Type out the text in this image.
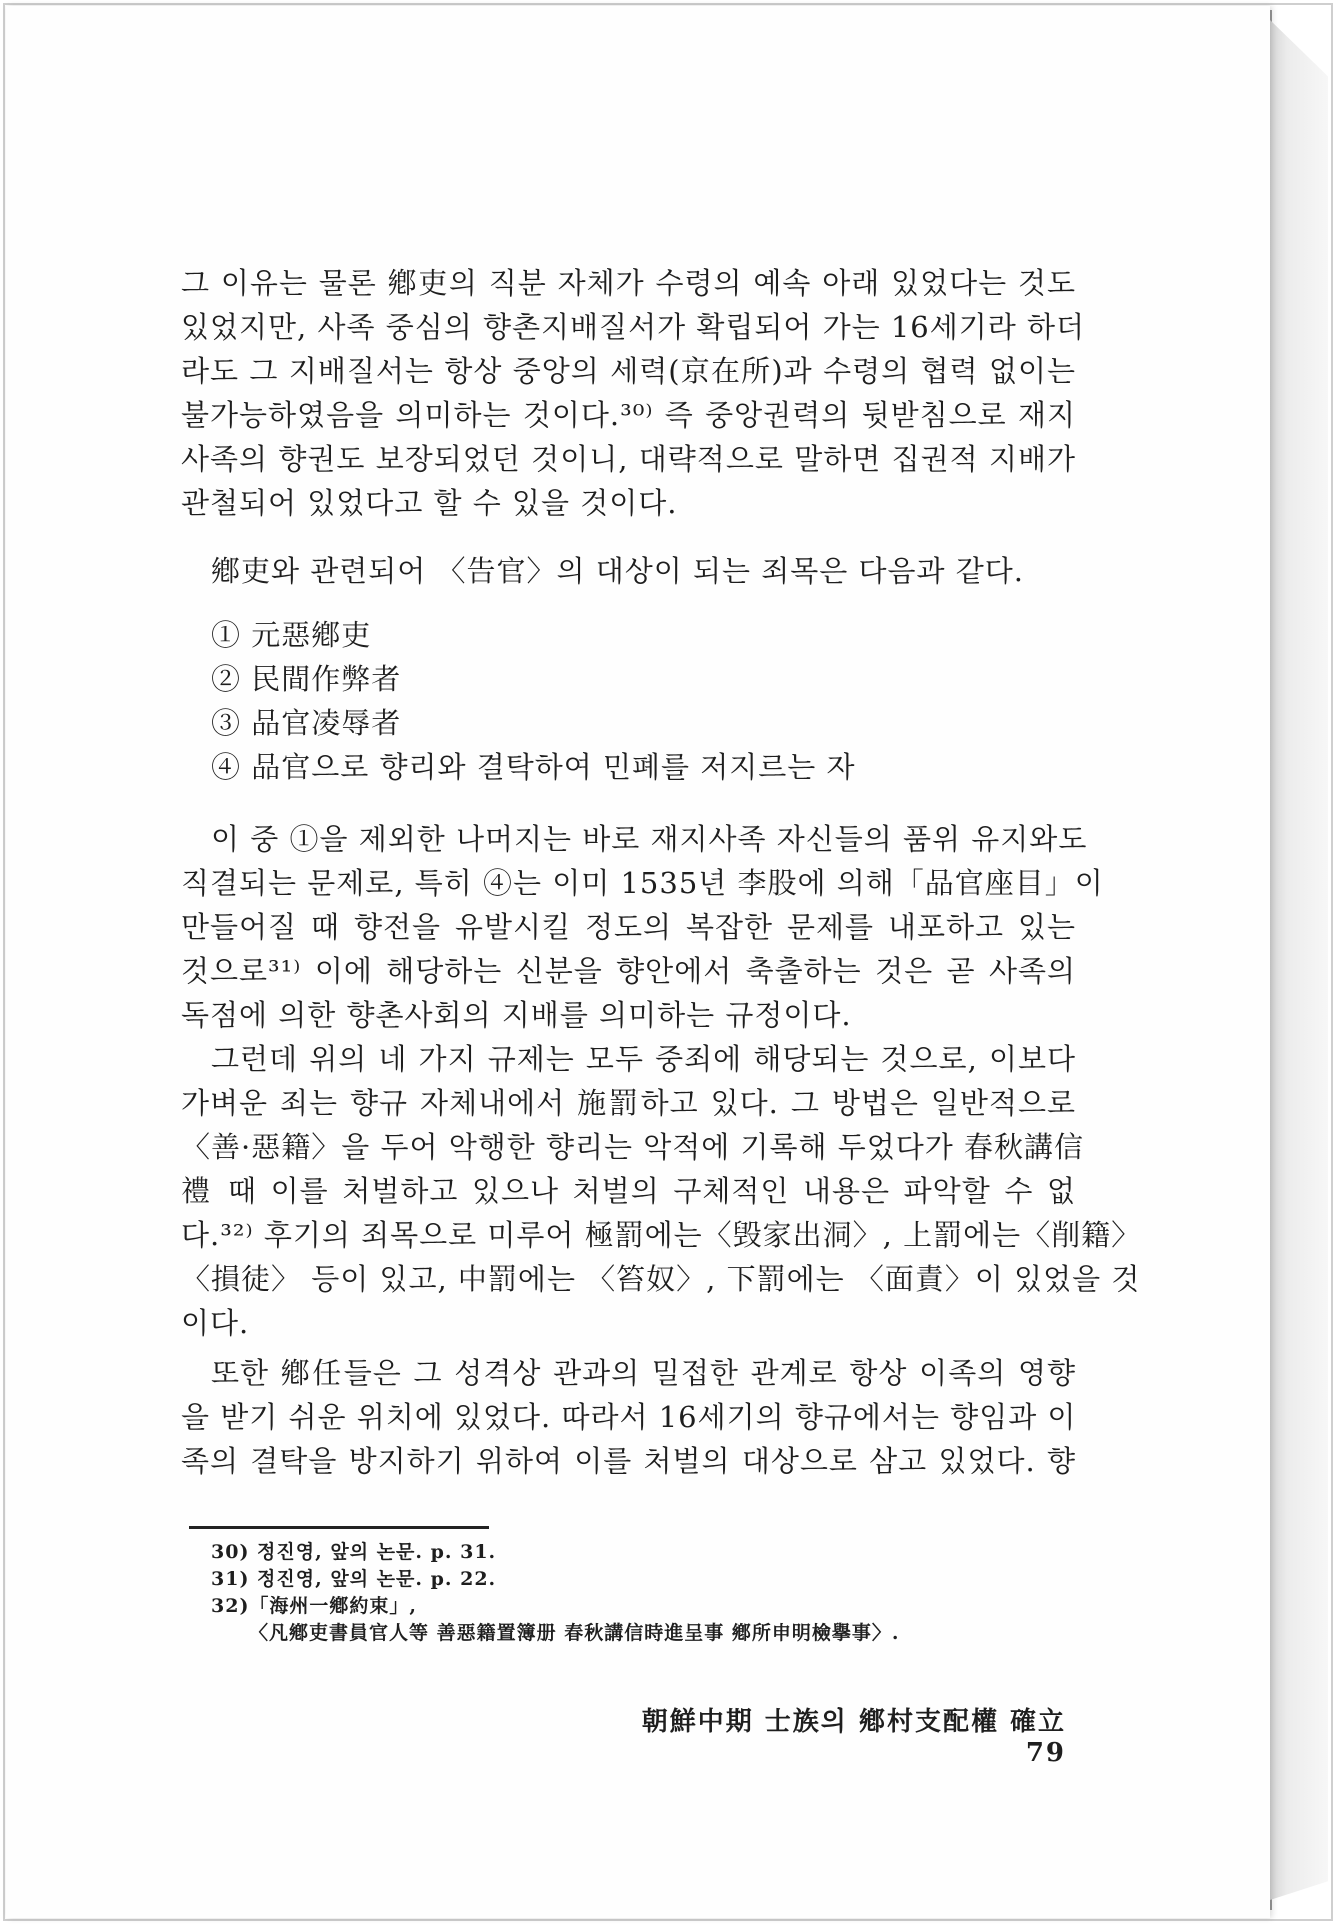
그 이유는 물론 鄕吏의 직분 자체가 수령의 예속 아래 있었다는 것도
있었지만, 사족 중심의 향촌지배질서가 확립되어 가는 16세기라 하더
라도 그 지배질서는 항상 중앙의 세력(京在所)과 수령의 협력 없이는
불가능하였음을 의미하는 것이다.³⁰⁾ 즉 중앙권력의 뒷받침으로 재지
사족의 향권도 보장되었던 것이니, 대략적으로 말하면 집권적 지배가
관철되어 있었다고 할 수 있을 것이다.

鄕吏와 관련되어 〈告官〉의 대상이 되는 죄목은 다음과 같다.
① 元惡鄕吏
② 民間作弊者
③ 品官凌辱者
④ 品官으로 향리와 결탁하여 민폐를 저지르는 자

이 중 ①을 제외한 나머지는 바로 재지사족 자신들의 품위 유지와도
직결되는 문제로, 특히 ④는 이미 1535년 李股에 의해「品官座目」이
만들어질 때 향전을 유발시킬 정도의 복잡한 문제를 내포하고 있는
것으로³¹⁾ 이에 해당하는 신분을 향안에서 축출하는 것은 곧 사족의
독점에 의한 향촌사회의 지배를 의미하는 규정이다.

그런데 위의 네 가지 규제는 모두 중죄에 해당되는 것으로, 이보다
가벼운 죄는 향규 자체내에서 施罰하고 있다. 그 방법은 일반적으로
〈善·惡籍〉을 두어 악행한 향리는 악적에 기록해 두었다가 春秋講信
禮 때 이를 처벌하고 있으나 처벌의 구체적인 내용은 파악할 수 없
다.³²⁾ 후기의 죄목으로 미루어 極罰에는〈毁家出洞〉, 上罰에는〈削籍〉
〈損徒〉 등이 있고, 中罰에는 〈笞奴〉, 下罰에는 〈面責〉이 있었을 것
이다.

또한 鄕任들은 그 성격상 관과의 밀접한 관계로 항상 이족의 영향
을 받기 쉬운 위치에 있었다. 따라서 16세기의 향규에서는 향임과 이
족의 결탁을 방지하기 위하여 이를 처벌의 대상으로 삼고 있었다. 향

30) 정진영, 앞의 논문. p. 31.
31) 정진영, 앞의 논문. p. 22.
32)「海州一鄕約束」,
〈凡鄕吏書員官人等 善惡籍置簿册 春秋講信時進呈事 鄕所申明檢擧事〉.
朝鮮中期 士族의 鄕村支配權 確立79
